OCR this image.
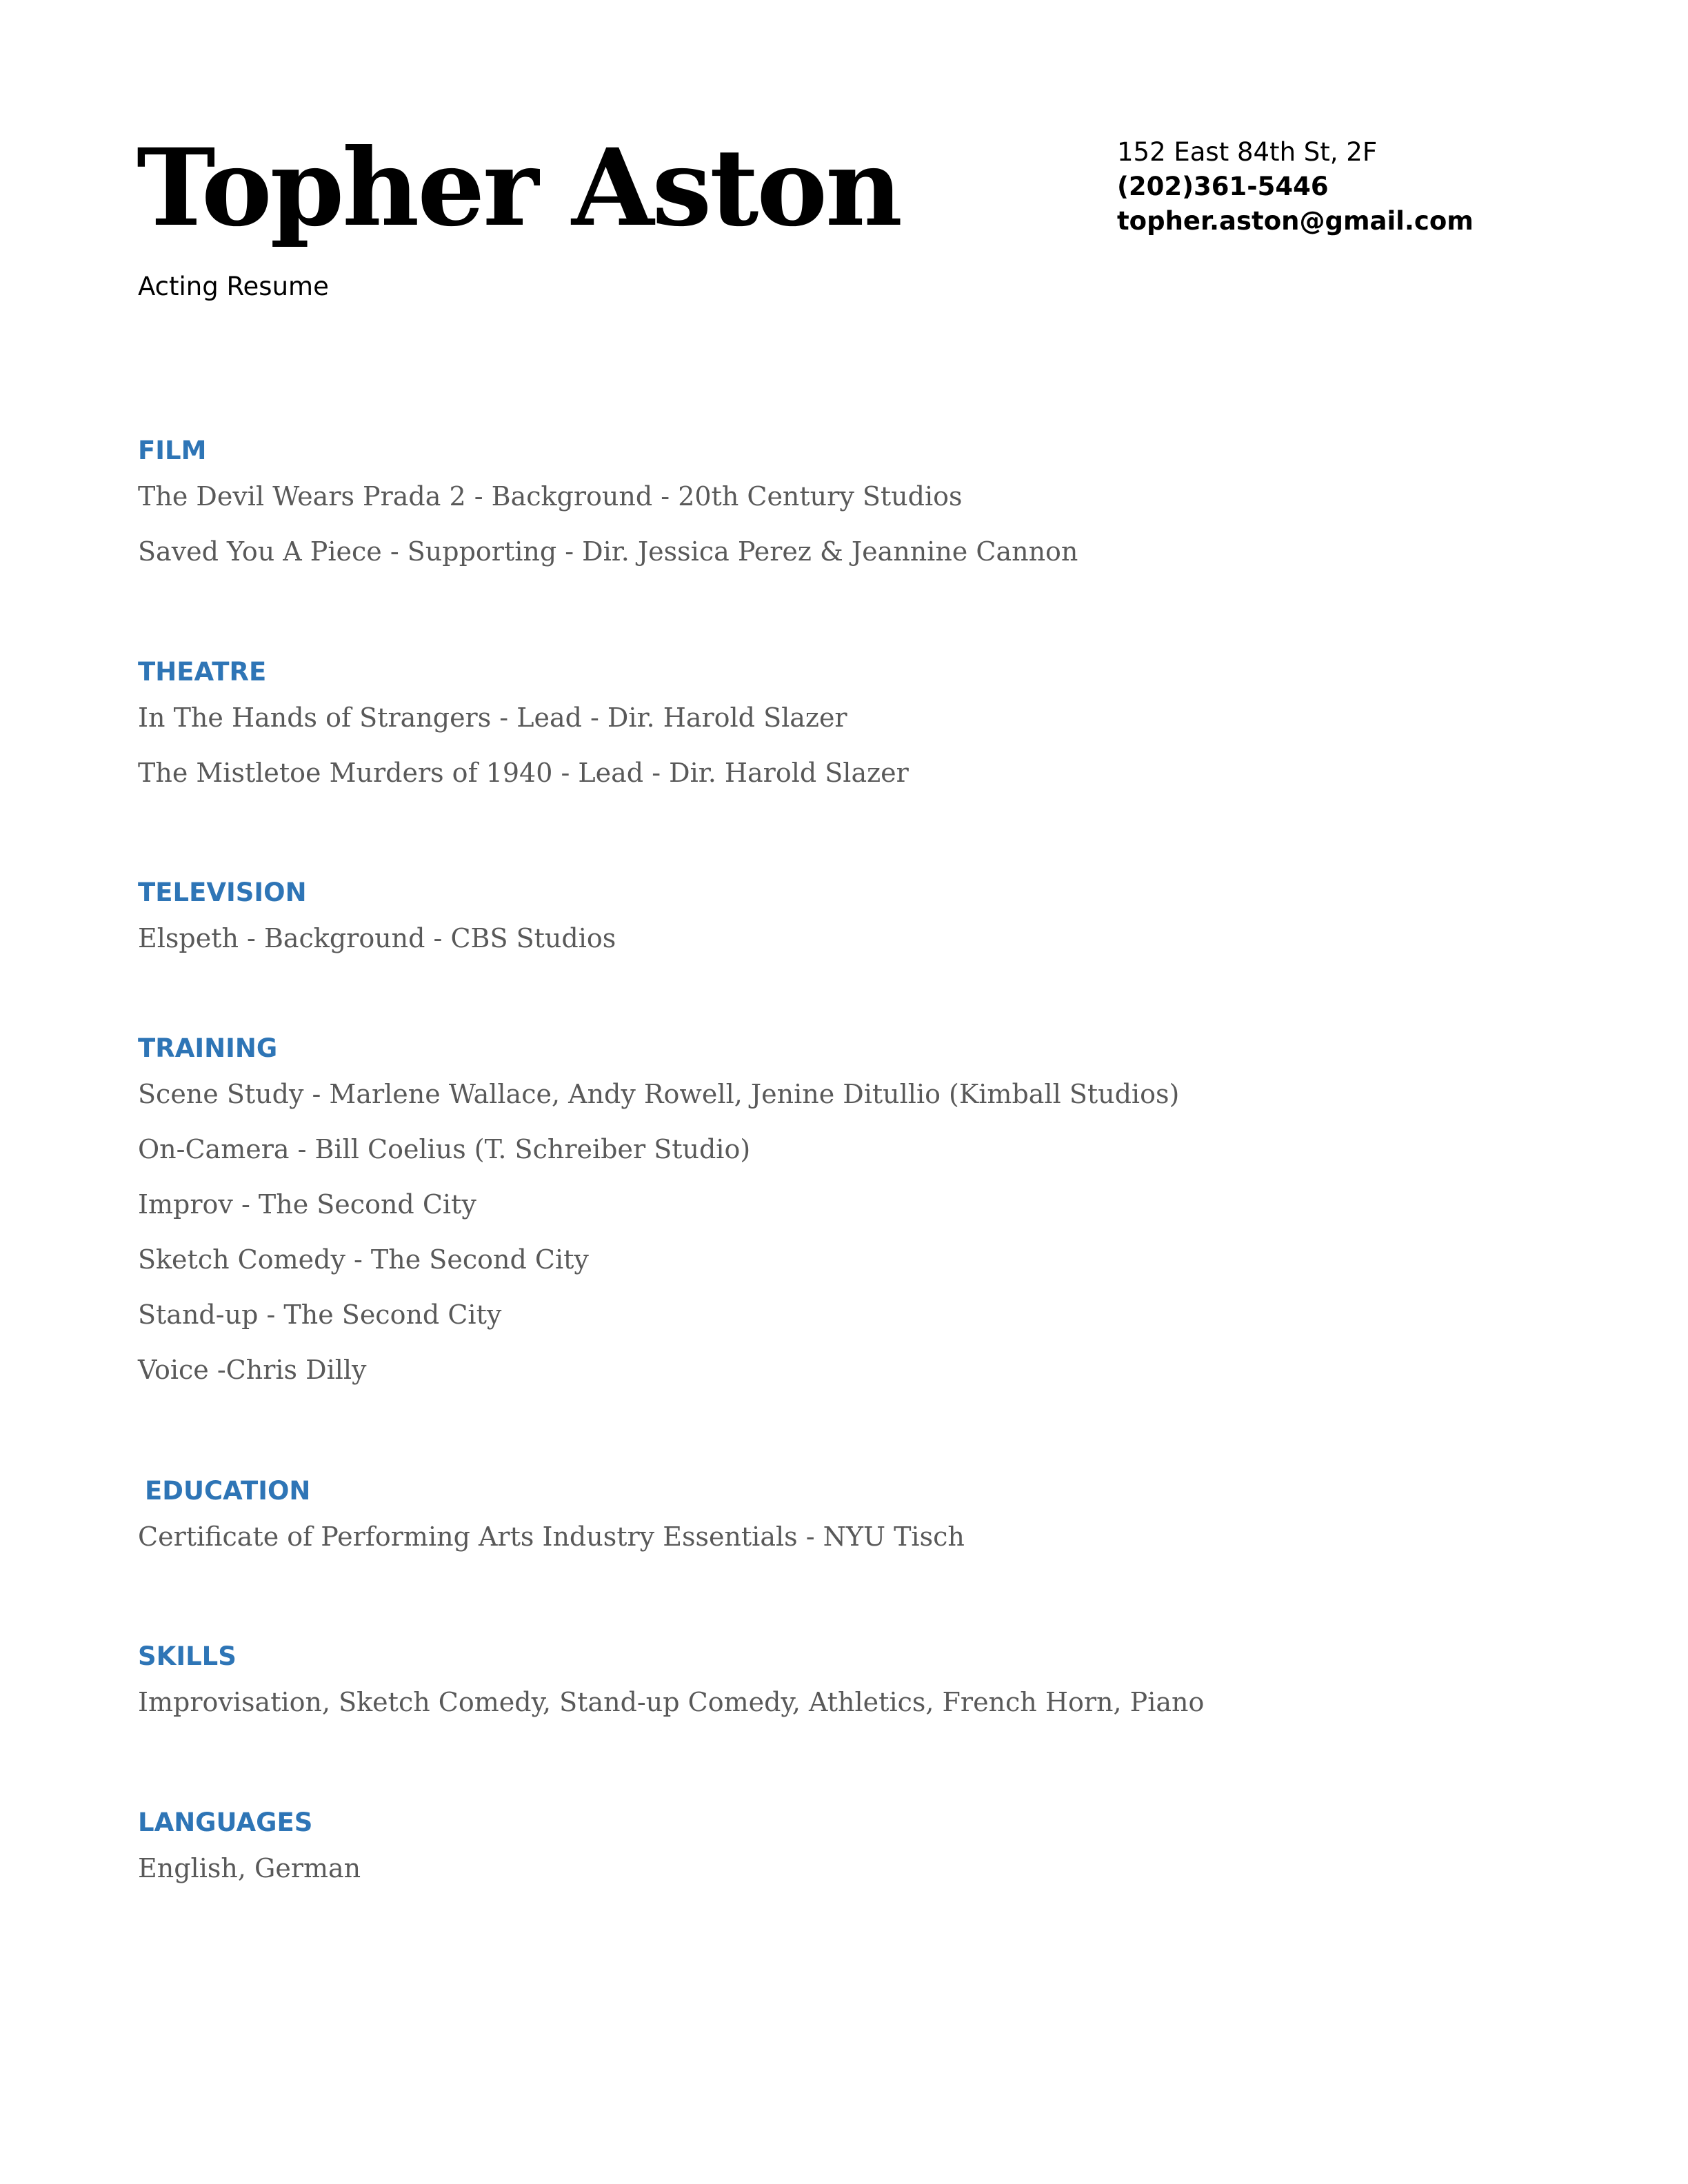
Topher Aston
Acting Resume
152 East 84th St, 2F
(202)361-5446
topher.aston@gmail.com
FILM
The Devil Wears Prada 2 - Background - 20th Century Studios
Saved You A Piece - Supporting - Dir. Jessica Perez & Jeannine Cannon
THEATRE
In The Hands of Strangers - Lead - Dir. Harold Slazer
The Mistletoe Murders of 1940 - Lead - Dir. Harold Slazer
TELEVISION
Elspeth - Background - CBS Studios
TRAINING
Scene Study - Marlene Wallace, Andy Rowell, Jenine Ditullio (Kimball Studios)
On-Camera - Bill Coelius (T. Schreiber Studio)
Improv - The Second City
Sketch Comedy - The Second City
Stand-up - The Second City
Voice -Chris Dilly
EDUCATION
Certificate of Performing Arts Industry Essentials - NYU Tisch
SKILLS
Improvisation, Sketch Comedy, Stand-up Comedy, Athletics, French Horn, Piano
LANGUAGES
English, German
